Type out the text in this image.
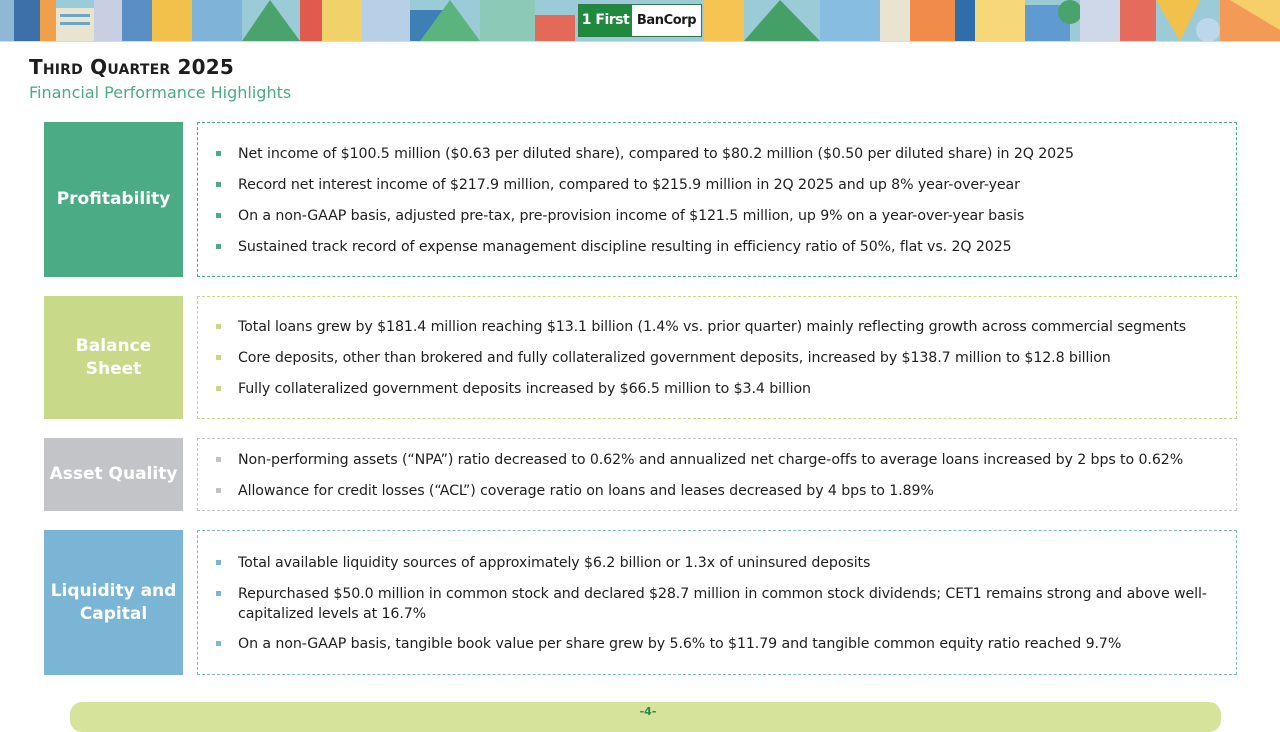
1 First BanCorp
Third Quarter 2025
Financial Performance Highlights
Profitability
Net income of $100.5 million ($0.63 per diluted share), compared to $80.2 million ($0.50 per diluted share) in 2Q 2025
Record net interest income of $217.9 million, compared to $215.9 million in 2Q 2025 and up 8% year-over-year
On a non-GAAP basis, adjusted pre-tax, pre-provision income of $121.5 million, up 9% on a year-over-year basis
Sustained track record of expense management discipline resulting in efficiency ratio of 50%, flat vs. 2Q 2025
Balance Sheet
Total loans grew by $181.4 million reaching $13.1 billion (1.4% vs. prior quarter) mainly reflecting growth across commercial segments
Core deposits, other than brokered and fully collateralized government deposits, increased by $138.7 million to $12.8 billion
Fully collateralized government deposits increased by $66.5 million to $3.4 billion
Asset Quality
Non-performing assets (“NPA”) ratio decreased to 0.62% and annualized net charge-offs to average loans increased by 2 bps to 0.62%
Allowance for credit losses (“ACL”) coverage ratio on loans and leases decreased by 4 bps to 1.89%
Liquidity and Capital
Total available liquidity sources of approximately $6.2 billion or 1.3x of uninsured deposits
Repurchased $50.0 million in common stock and declared $28.7 million in common stock dividends; CET1 remains strong and above well-capitalized levels at 16.7%
On a non-GAAP basis, tangible book value per share grew by 5.6% to $11.79 and tangible common equity ratio reached 9.7%
-4-
